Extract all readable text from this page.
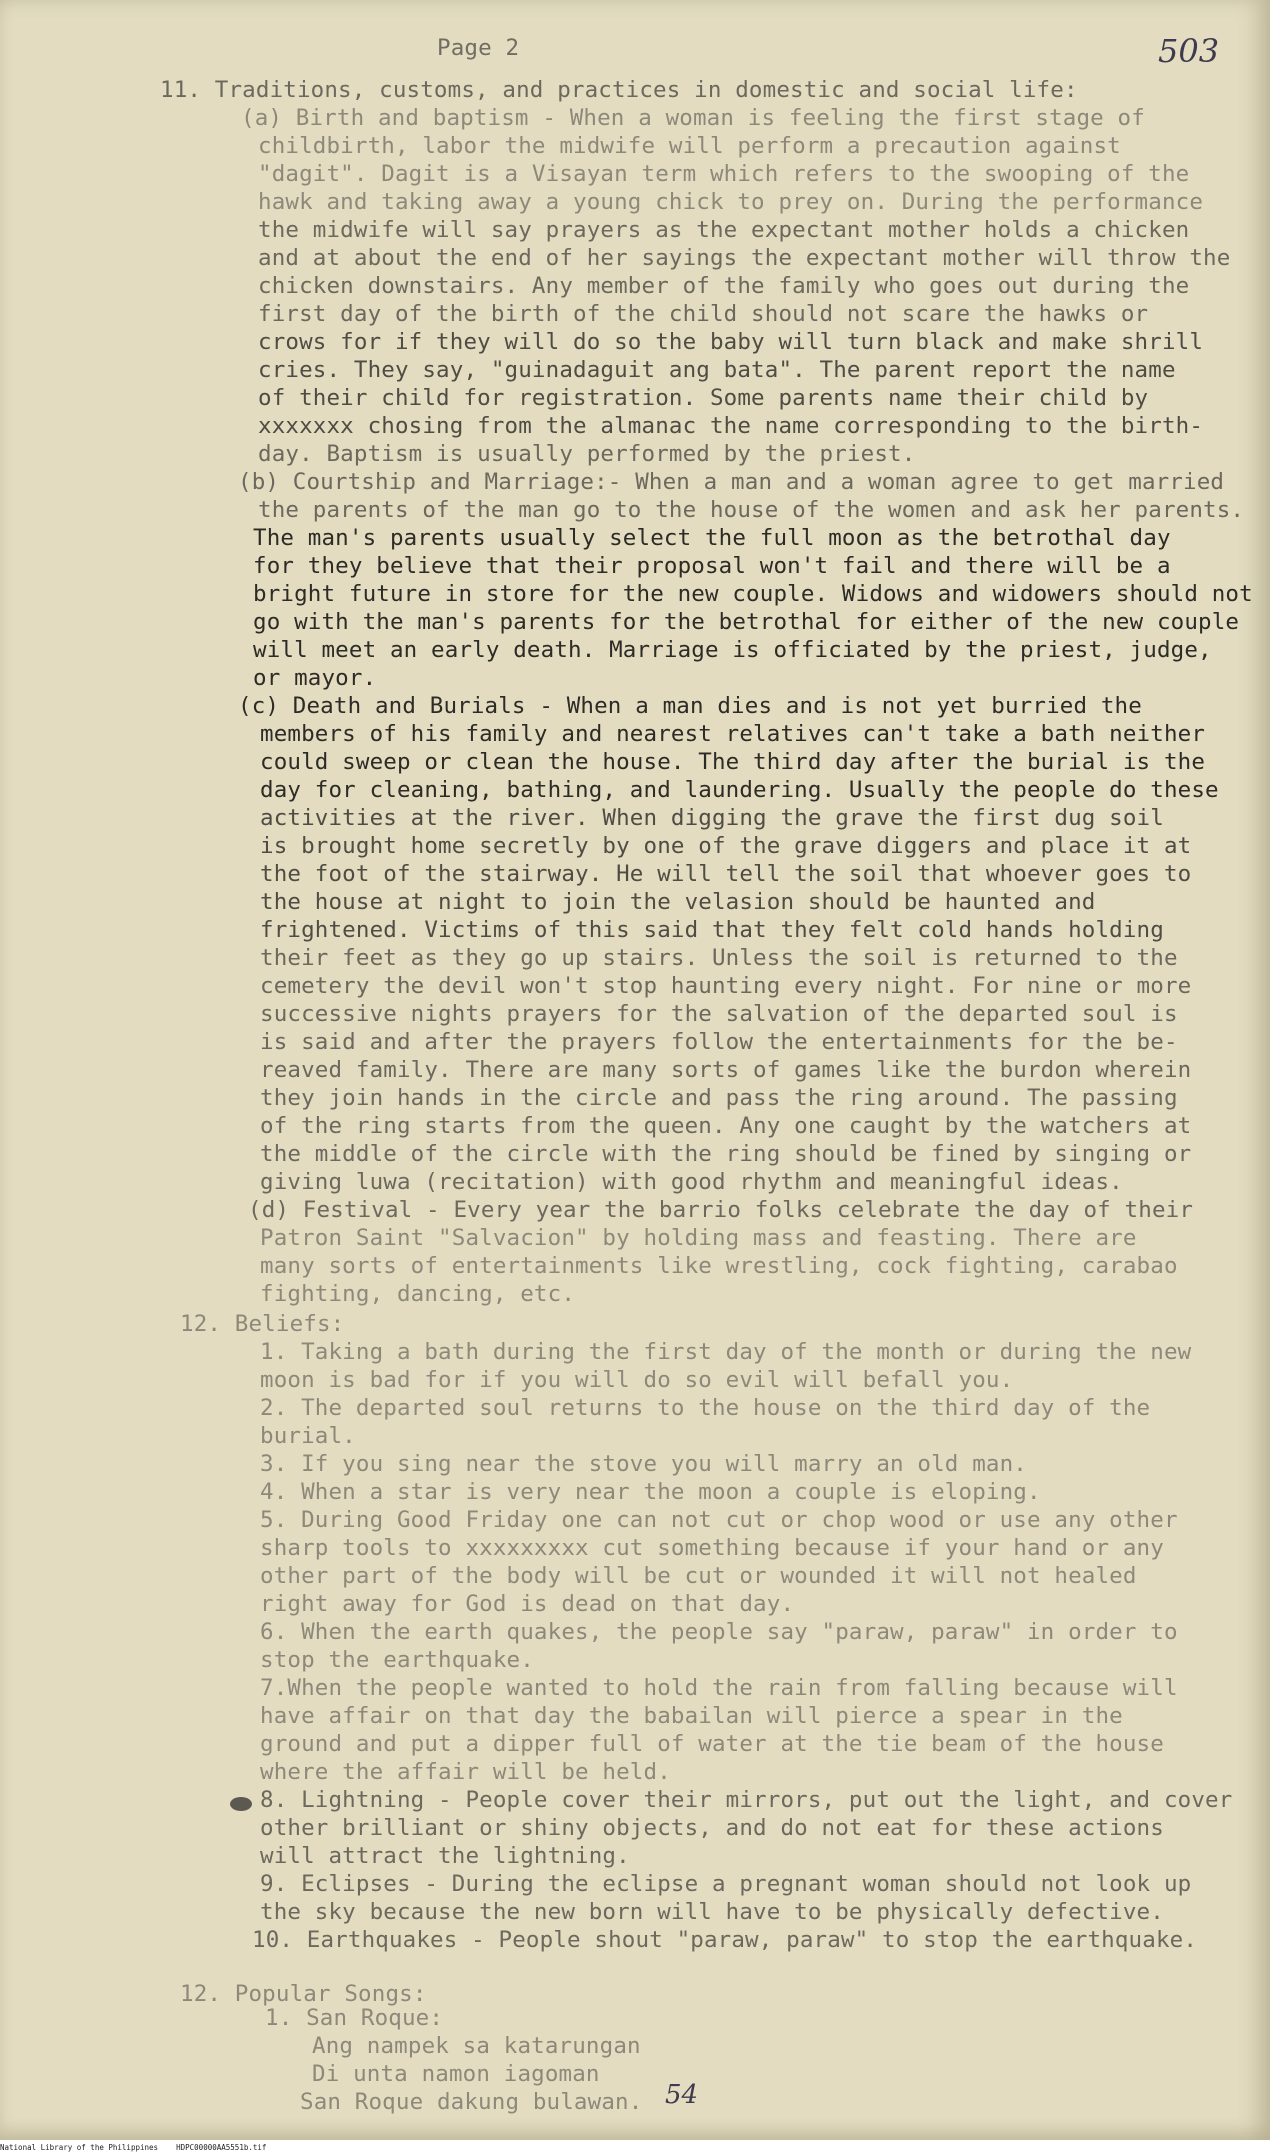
Page 2	503
11. Traditions, customs, and practices in domestic and social life:
(a) Birth and baptism - When a woman is feeling the first stage of
childbirth, labor the midwife will perform a precaution against
"dagit". Dagit is a Visayan term which refers to the swooping of the
hawk and taking away a young chick to prey on. During the performance
the midwife will say prayers as the expectant mother holds a chicken
and at about the end of her sayings the expectant mother will throw the
chicken downstairs. Any member of the family who goes out during the
first day of the birth of the child should not scare the hawks or
crows for if they will do so the baby will turn black and make shrill
cries. They say, "guinadaguit ang bata". The parent report the name
of their child for registration. Some parents name their child by
xxxxxxx chosing from the almanac the name corresponding to the birth-
day. Baptism is usually performed by the priest.
(b) Courtship and Marriage:- When a man and a woman agree to get married
the parents of the man go to the house of the women and ask her parents.
The man's parents usually select the full moon as the betrothal day
for they believe that their proposal won't fail and there will be a
bright future in store for the new couple. Widows and widowers should not
go with the man's parents for the betrothal for either of the new couple
will meet an early death. Marriage is officiated by the priest, judge,
or mayor.
(c) Death and Burials - When a man dies and is not yet burried the
members of his family and nearest relatives can't take a bath neither
could sweep or clean the house. The third day after the burial is the
day for cleaning, bathing, and laundering. Usually the people do these
activities at the river. When digging the grave the first dug soil
is brought home secretly by one of the grave diggers and place it at
the foot of the stairway. He will tell the soil that whoever goes to
the house at night to join the velasion should be haunted and
frightened. Victims of this said that they felt cold hands holding
their feet as they go up stairs. Unless the soil is returned to the
cemetery the devil won't stop haunting every night. For nine or more
successive nights prayers for the salvation of the departed soul is
is said and after the prayers follow the entertainments for the be-
reaved family. There are many sorts of games like the burdon wherein
they join hands in the circle and pass the ring around. The passing
of the ring starts from the queen. Any one caught by the watchers at
the middle of the circle with the ring should be fined by singing or
giving luwa (recitation) with good rhythm and meaningful ideas.
(d) Festival - Every year the barrio folks celebrate the day of their
Patron Saint "Salvacion" by holding mass and feasting. There are
many sorts of entertainments like wrestling, cock fighting, carabao
fighting, dancing, etc.
12. Beliefs:
1. Taking a bath during the first day of the month or during the new
moon is bad for if you will do so evil will befall you.
2. The departed soul returns to the house on the third day of the
burial.
3. If you sing near the stove you will marry an old man.
4. When a star is very near the moon a couple is eloping.
5. During Good Friday one can not cut or chop wood or use any other
sharp tools to xxxxxxxxx cut something because if your hand or any
other part of the body will be cut or wounded it will not healed
right away for God is dead on that day.
6. When the earth quakes, the people say "paraw, paraw" in order to
stop the earthquake.
7.When the people wanted to hold the rain from falling because will
have affair on that day the babailan will pierce a spear in the
ground and put a dipper full of water at the tie beam of the house
where the affair will be held.
8. Lightning - People cover their mirrors, put out the light, and cover
other brilliant or shiny objects, and do not eat for these actions
will attract the lightning.
9. Eclipses - During the eclipse a pregnant woman should not look up
the sky because the new born will have to be physically defective.
10. Earthquakes - People shout "paraw, paraw" to stop the earthquake.
12. Popular Songs:
1. San Roque:
Ang nampek sa katarungan
Di unta namon iagoman
San Roque dakung bulawan. 54
National Library of the Philippines    HDPC00000AA5551b.tif
